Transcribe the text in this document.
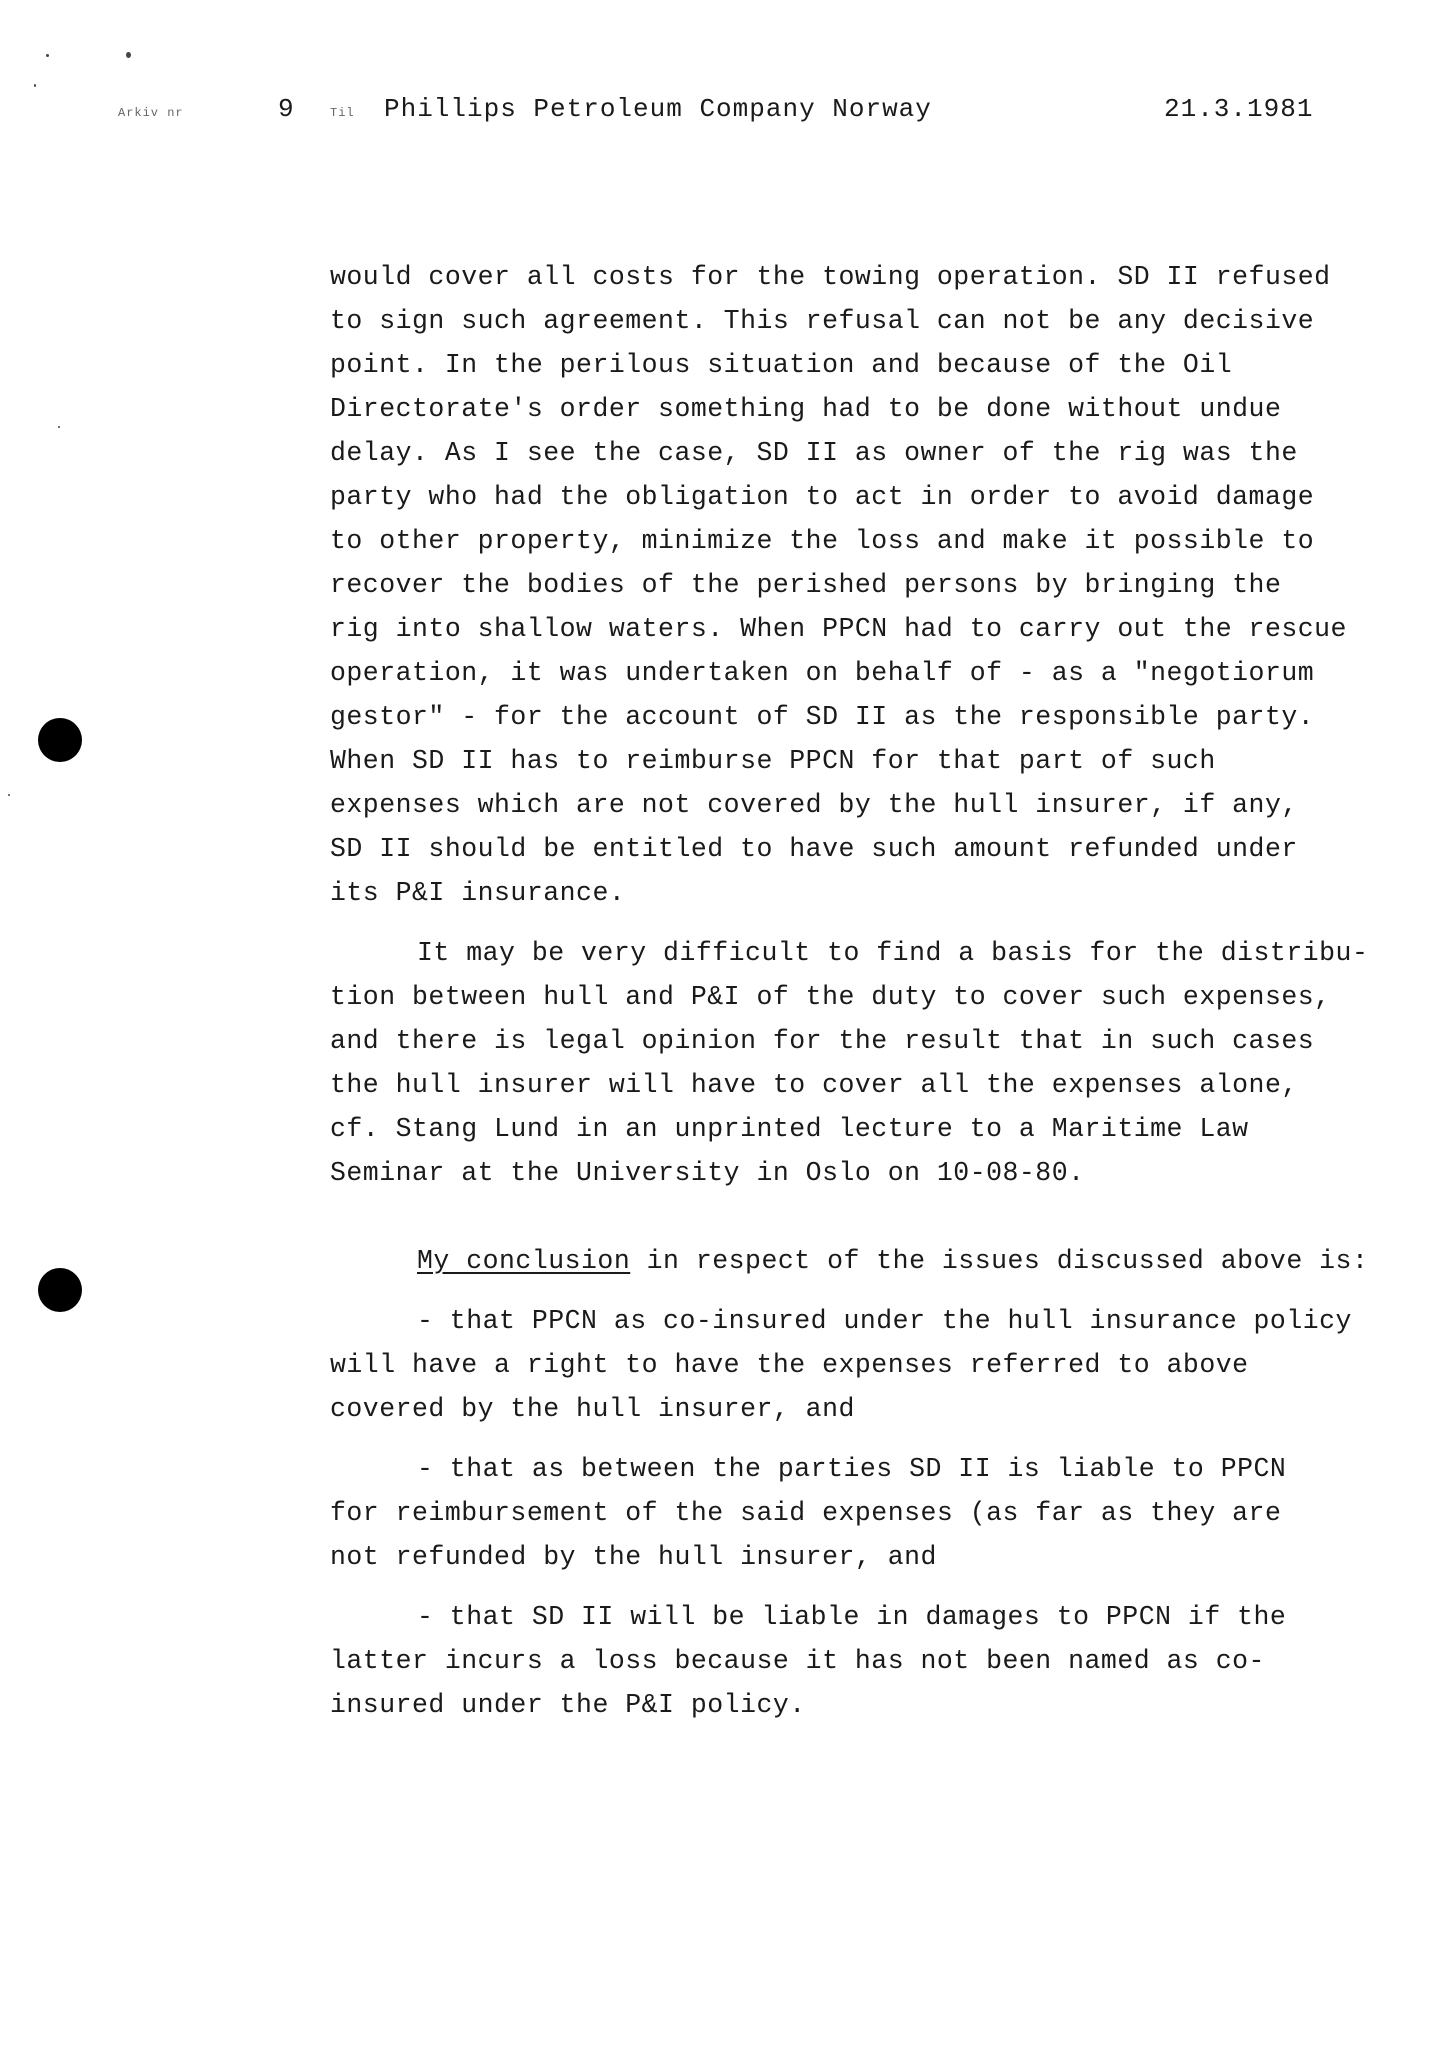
Arkiv nr	9	Til Phillips Petroleum Company Norway	21.3.1981
would cover all costs for the towing operation. SD II refused
to sign such agreement. This refusal can not be any decisive
point. In the perilous situation and because of the Oil
Directorate's order something had to be done without undue
delay. As I see the case, SD II as owner of the rig was the
party who had the obligation to act in order to avoid damage
to other property, minimize the loss and make it possible to
recover the bodies of the perished persons by bringing the
rig into shallow waters. When PPCN had to carry out the rescue
operation, it was undertaken on behalf of - as a "negotiorum
gestor" - for the account of SD II as the responsible party.
When SD II has to reimburse PPCN for that part of such
expenses which are not covered by the hull insurer, if any,
SD II should be entitled to have such amount refunded under
its P&I insurance.
It may be very difficult to find a basis for the distribu-
tion between hull and P&I of the duty to cover such expenses,
and there is legal opinion for the result that in such cases
the hull insurer will have to cover all the expenses alone,
cf. Stang Lund in an unprinted lecture to a Maritime Law
Seminar at the University in Oslo on 10-08-80.
My conclusion in respect of the issues discussed above is:
- that PPCN as co-insured under the hull insurance policy
will have a right to have the expenses referred to above
covered by the hull insurer, and
- that as between the parties SD II is liable to PPCN
for reimbursement of the said expenses (as far as they are
not refunded by the hull insurer, and
- that SD II will be liable in damages to PPCN if the
latter incurs a loss because it has not been named as co-
insured under the P&I policy.
